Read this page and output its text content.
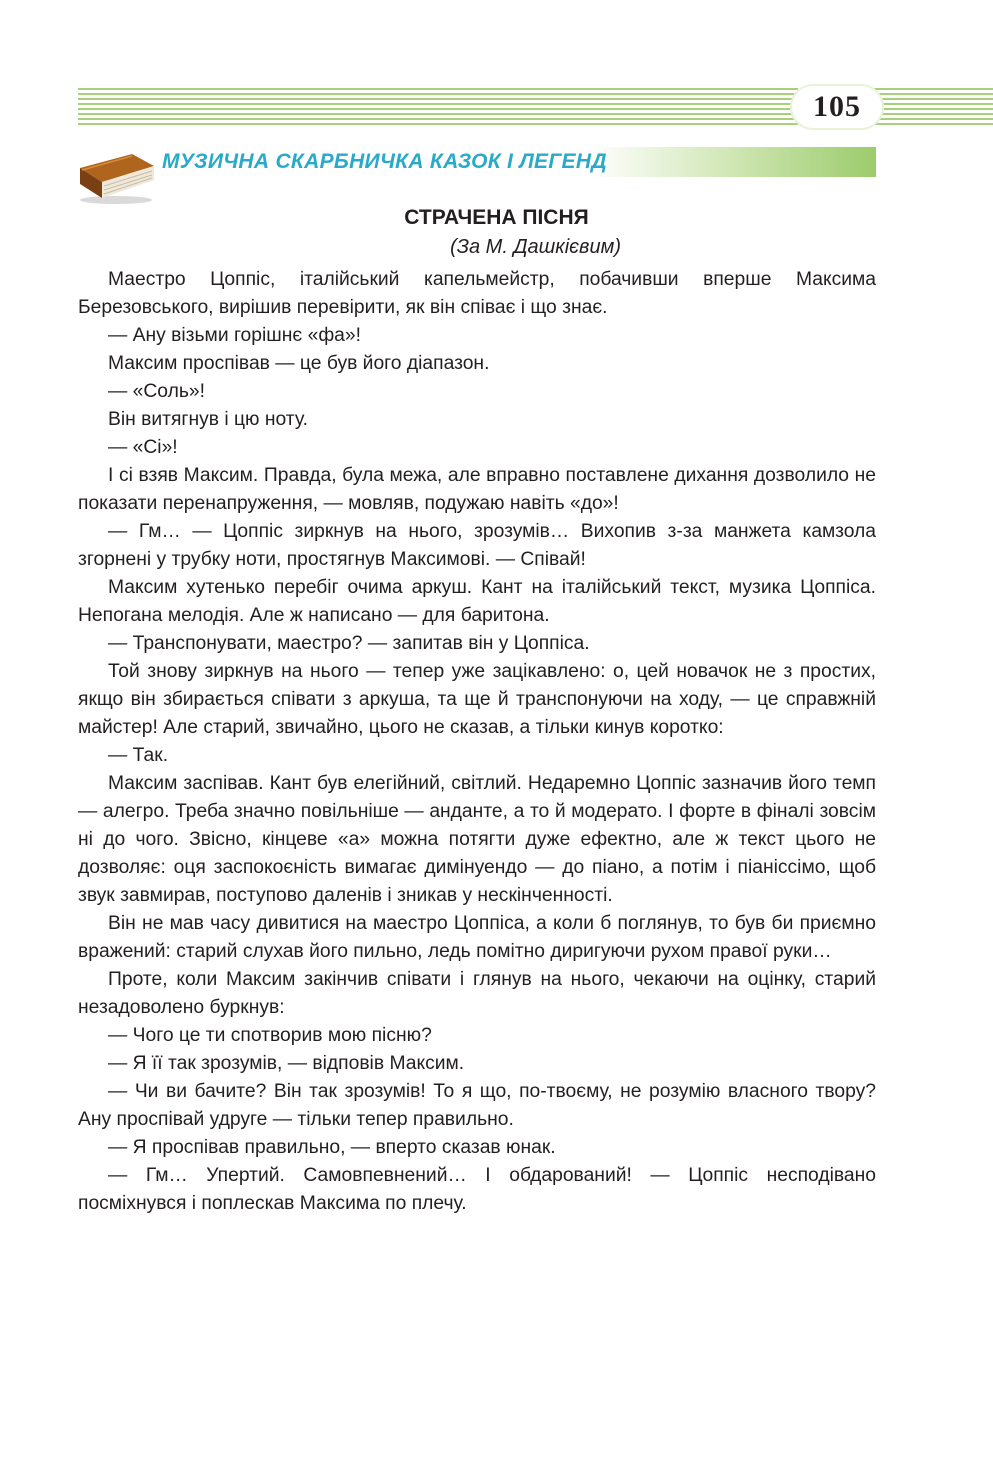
105
МУЗИЧНА СКАРБНИЧКА КАЗОК І ЛЕГЕНД
СТРАЧЕНА ПІСНЯ
(За М. Дашкієвим)

Маестро Цоппіс, італійський капельмейстр, побачивши вперше Максима Березовського, вирішив перевірити, як він співає і що знає.

— Ану візьми горішнє «фа»!

Максим проспівав — це був його діапазон.

— «Соль»!

Він витягнув і цю ноту.

— «Сі»!

І сі взяв Максим. Правда, була межа, але вправно поставлене дихання дозволило не показати перенапруження, — мовляв, подужаю навіть «до»!

— Гм… — Цоппіс зиркнув на нього, зрозумів… Вихопив з-за манжета камзола згорнені у трубку ноти, простягнув Максимові. — Співай!

Максим хутенько перебіг очима аркуш. Кант на італійський текст, музика Цоппіса. Непогана мелодія. Але ж написано — для баритона.

— Транспонувати, маестро? — запитав він у Цоппіса.

Той знову зиркнув на нього — тепер уже зацікавлено: о, цей новачок не з простих, якщо він збирається співати з аркуша, та ще й транспонуючи на ходу, — це справжній майстер! Але старий, звичайно, цього не сказав, а тільки кинув коротко:

— Так.

Максим заспівав. Кант був елегійний, світлий. Недаремно Цоппіс зазначив його темп — алегро. Треба значно повільніше — анданте, а то й модерато. І форте в фіналі зовсім ні до чого. Звісно, кінцеве «а» можна потягти дуже ефектно, але ж текст цього не дозволяє: оця заспокоєність вимагає димінуендо — до піано, а потім і піаніссімо, щоб звук завмирав, поступово даленів і зникав у нескінченності.

Він не мав часу дивитися на маестро Цоппіса, а коли б поглянув, то був би приємно вражений: старий слухав його пильно, ледь помітно диригуючи рухом правої руки…

Проте, коли Максим закінчив співати і глянув на нього, чекаючи на оцінку, старий незадоволено буркнув:

— Чого це ти спотворив мою пісню?

— Я її так зрозумів, — відповів Максим.

— Чи ви бачите? Він так зрозумів! То я що, по-твоєму, не розумію власного твору? Ану проспівай удруге — тільки тепер правильно.

— Я проспівав правильно, — вперто сказав юнак.

— Гм… Упертий. Самовпевнений… І обдарований! — Цоппіс несподівано посміхнувся і поплескав Максима по плечу.
